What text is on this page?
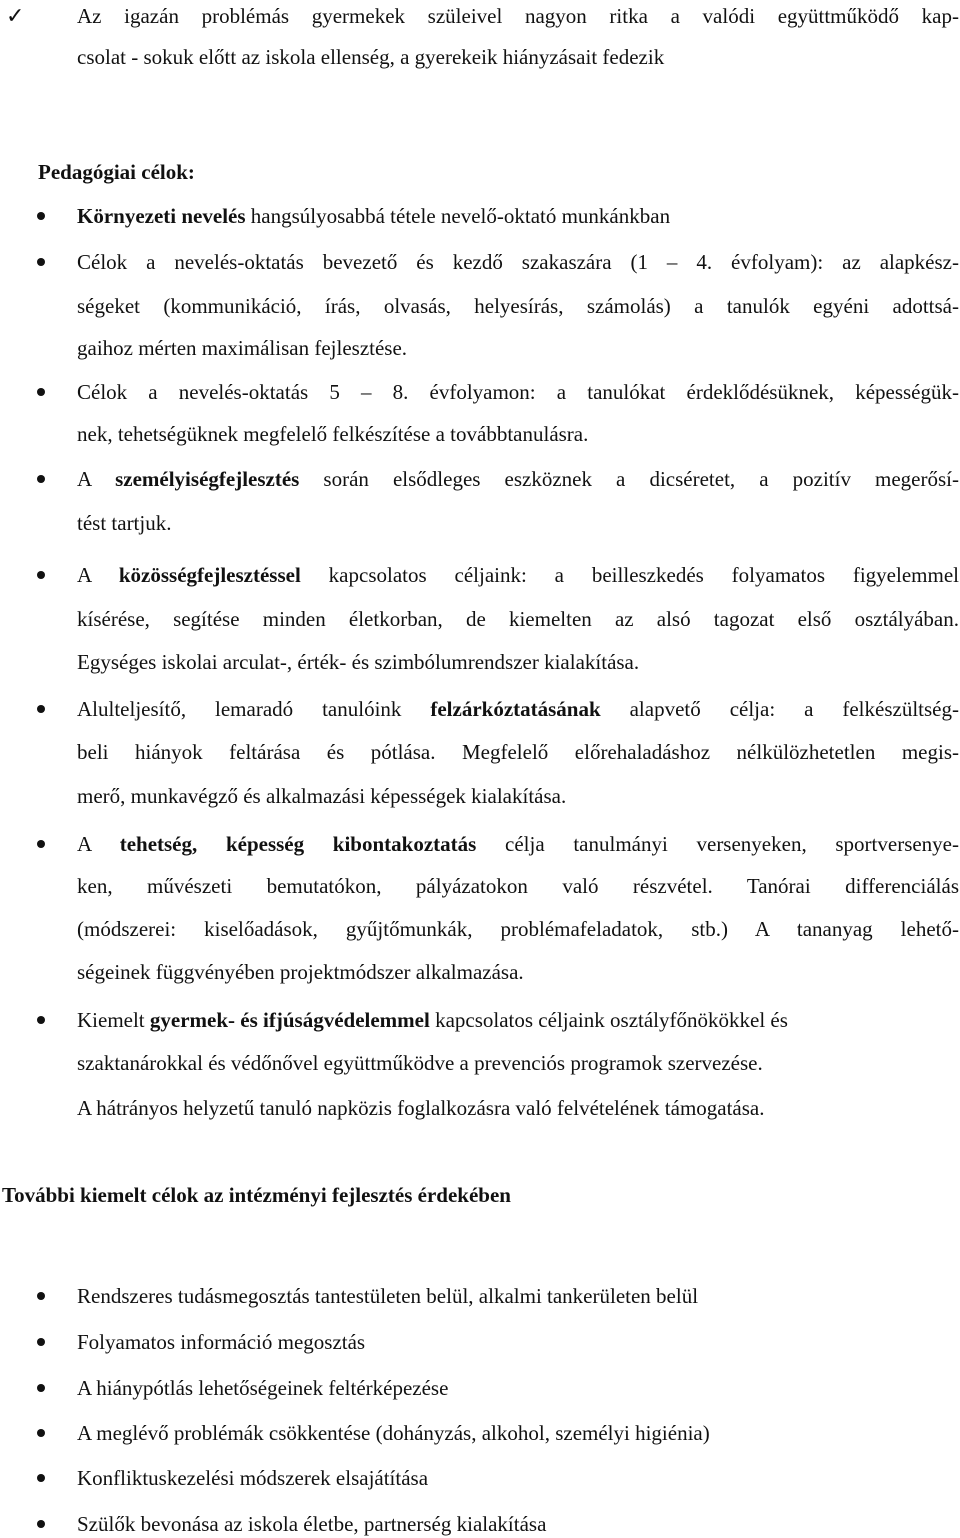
✓	Az igazán problémás gyermekek szüleivel nagyon ritka a valódi együttműködő kap-
csolat - sokuk előtt az iskola ellenség, a gyerekeik hiányzásait fedezik
Pedagógiai célok:
Környezeti nevelés hangsúlyosabbá tétele nevelő-oktató munkánkban
Célok a nevelés-oktatás bevezető és kezdő szakaszára (1 – 4. évfolyam): az alapkész-
ségeket (kommunikáció, írás, olvasás, helyesírás, számolás) a tanulók egyéni adottsá-
gaihoz mérten maximálisan fejlesztése.
Célok a nevelés-oktatás 5 – 8. évfolyamon: a tanulókat érdeklődésüknek, képességük-
nek, tehetségüknek megfelelő felkészítése a továbbtanulásra.
A személyiségfejlesztés során elsődleges eszköznek a dicséretet, a pozitív megerősí-
tést tartjuk.
A közösségfejlesztéssel kapcsolatos céljaink: a beilleszkedés folyamatos figyelemmel
kísérése, segítése minden életkorban, de kiemelten az alsó tagozat első osztályában.
Egységes iskolai arculat-, érték- és szimbólumrendszer kialakítása.
Alulteljesítő, lemaradó tanulóink felzárkóztatásának alapvető célja: a felkészültség-
beli hiányok feltárása és pótlása. Megfelelő előrehaladáshoz nélkülözhetetlen megis-
merő, munkavégző és alkalmazási képességek kialakítása.
A tehetség, képesség kibontakoztatás célja tanulmányi versenyeken, sportversenye-
ken, művészeti bemutatókon, pályázatokon való részvétel. Tanórai differenciálás
(módszerei: kiselőadások, gyűjtőmunkák, problémafeladatok, stb.) A tananyag lehető-
ségeinek függvényében projektmódszer alkalmazása.
Kiemelt gyermek- és ifjúságvédelemmel kapcsolatos céljaink osztályfőnökökkel és
szaktanárokkal és védőnővel együttműködve a prevenciós programok szervezése.
A hátrányos helyzetű tanuló napközis foglalkozásra való felvételének támogatása.
További kiemelt célok az intézményi fejlesztés érdekében
Rendszeres tudásmegosztás tantestületen belül, alkalmi tankerületen belül
Folyamatos információ megosztás
A hiánypótlás lehetőségeinek feltérképezése
A meglévő problémák csökkentése (dohányzás, alkohol, személyi higiénia)
Konfliktuskezelési módszerek elsajátítása
Szülők bevonása az iskola életbe, partnerség kialakítása
